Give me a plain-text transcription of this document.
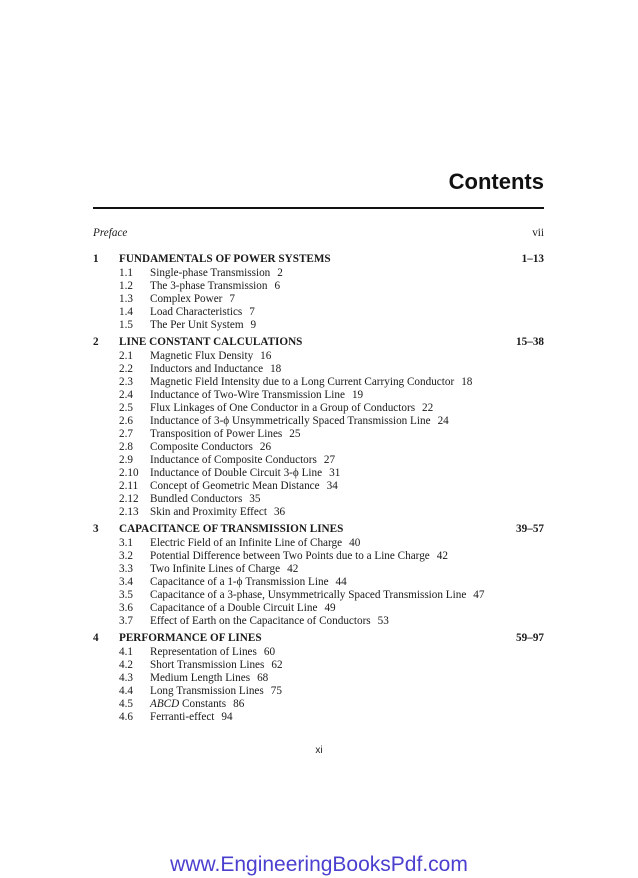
Contents
Preface	vii
1 FUNDAMENTALS OF POWER SYSTEMS	1–13
1.1 Single-phase Transmission 2
1.2 The 3-phase Transmission 6
1.3 Complex Power 7
1.4 Load Characteristics 7
1.5 The Per Unit System 9
2 LINE CONSTANT CALCULATIONS	15–38
2.1 Magnetic Flux Density 16
2.2 Inductors and Inductance 18
2.3 Magnetic Field Intensity due to a Long Current Carrying Conductor 18
2.4 Inductance of Two-Wire Transmission Line 19
2.5 Flux Linkages of One Conductor in a Group of Conductors 22
2.6 Inductance of 3-ϕ Unsymmetrically Spaced Transmission Line 24
2.7 Transposition of Power Lines 25
2.8 Composite Conductors 26
2.9 Inductance of Composite Conductors 27
2.10 Inductance of Double Circuit 3-ϕ Line 31
2.11 Concept of Geometric Mean Distance 34
2.12 Bundled Conductors 35
2.13 Skin and Proximity Effect 36
3 CAPACITANCE OF TRANSMISSION LINES	39–57
3.1 Electric Field of an Infinite Line of Charge 40
3.2 Potential Difference between Two Points due to a Line Charge 42
3.3 Two Infinite Lines of Charge 42
3.4 Capacitance of a 1-ϕ Transmission Line 44
3.5 Capacitance of a 3-phase, Unsymmetrically Spaced Transmission Line 47
3.6 Capacitance of a Double Circuit Line 49
3.7 Effect of Earth on the Capacitance of Conductors 53
4 PERFORMANCE OF LINES	59–97
4.1 Representation of Lines 60
4.2 Short Transmission Lines 62
4.3 Medium Length Lines 68
4.4 Long Transmission Lines 75
4.5 ABCD Constants 86
4.6 Ferranti-effect 94
xi
www.EngineeringBooksPdf.com
